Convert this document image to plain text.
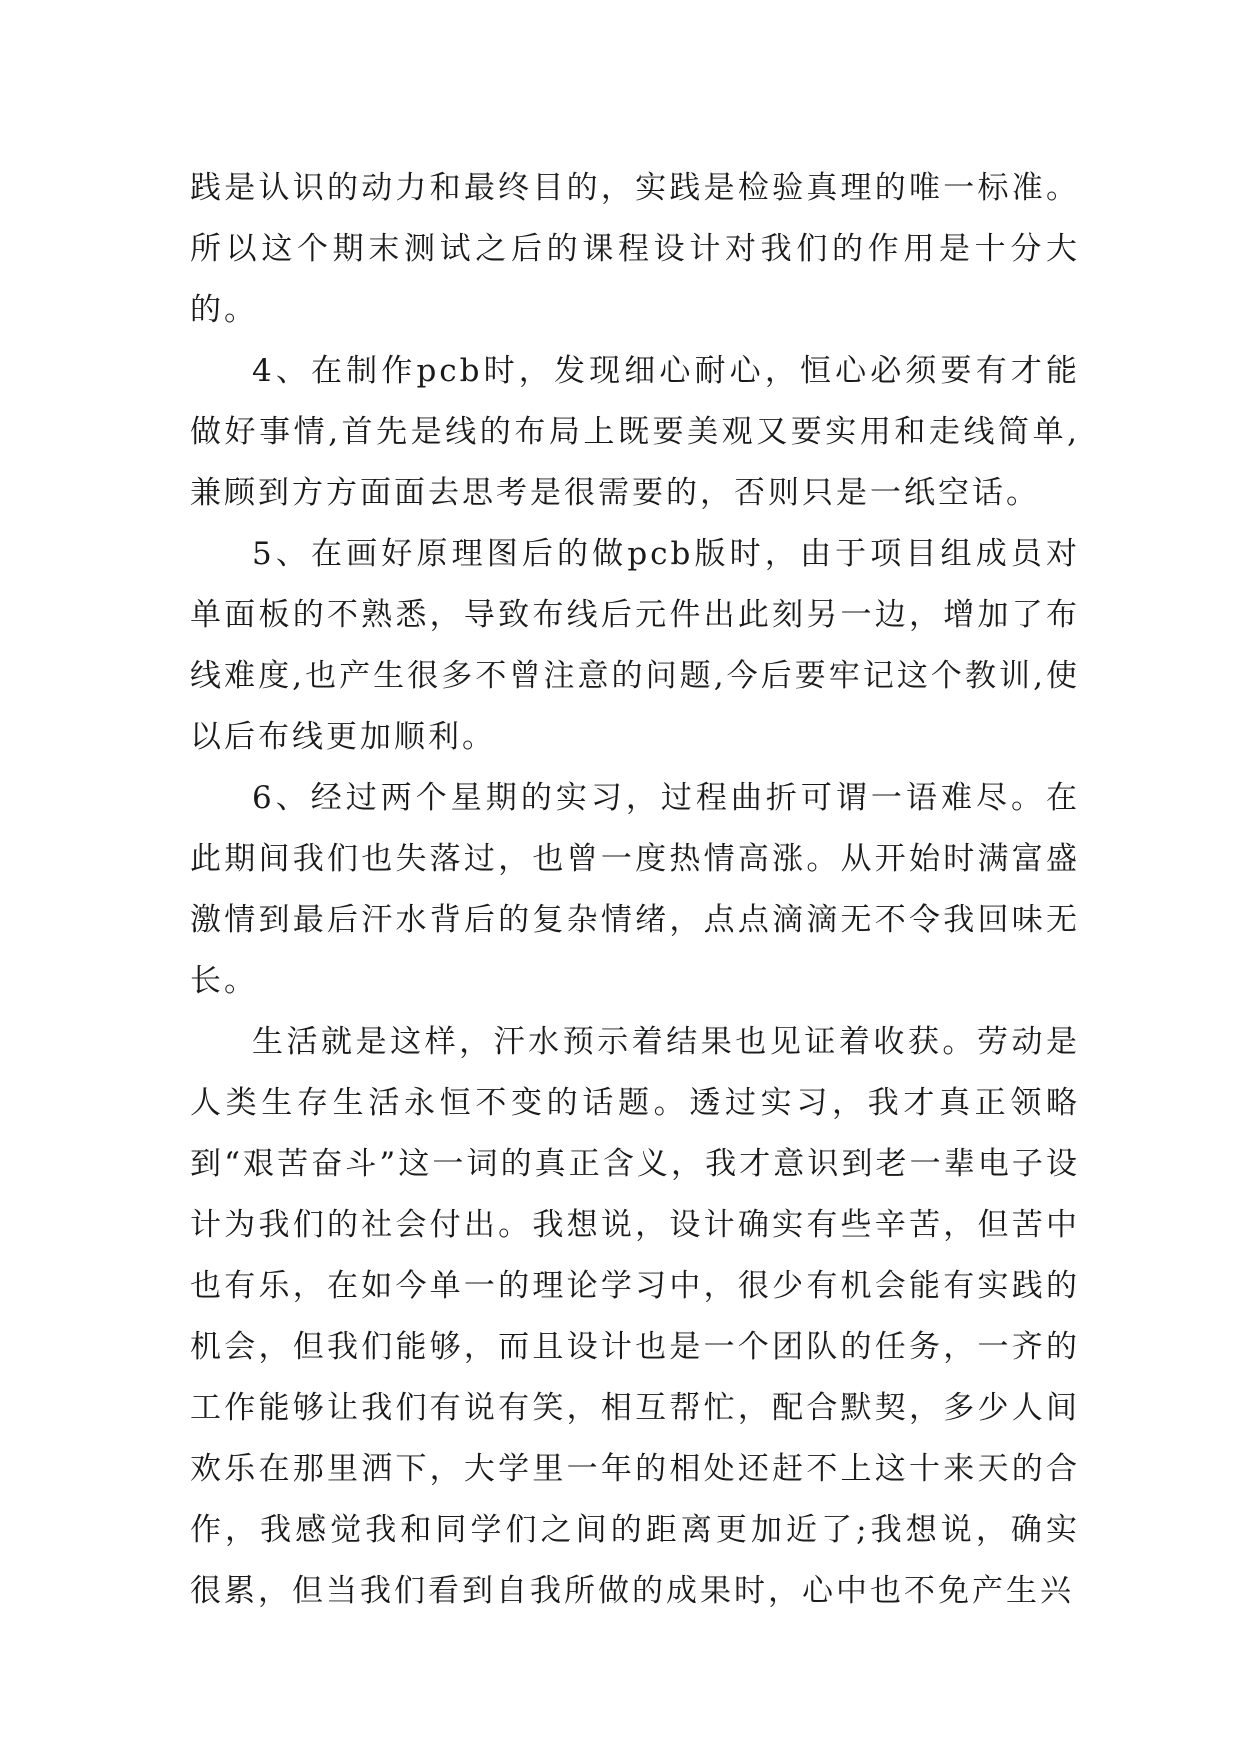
践是认识的动力和最终目的，实践是检验真理的唯一标准。所以这个期末测试之后的课程设计对我们的作用是十分大的。

4、在制作pcb时，发现细心耐心，恒心必须要有才能做好事情,首先是线的布局上既要美观又要实用和走线简单,兼顾到方方面面去思考是很需要的，否则只是一纸空话。

5、在画好原理图后的做pcb版时，由于项目组成员对单面板的不熟悉，导致布线后元件出此刻另一边，增加了布线难度,也产生很多不曾注意的问题,今后要牢记这个教训,使以后布线更加顺利。

6、经过两个星期的实习，过程曲折可谓一语难尽。在此期间我们也失落过，也曾一度热情高涨。从开始时满富盛激情到最后汗水背后的复杂情绪，点点滴滴无不令我回味无长。

生活就是这样，汗水预示着结果也见证着收获。劳动是人类生存生活永恒不变的话题。透过实习，我才真正领略到“艰苦奋斗”这一词的真正含义，我才意识到老一辈电子设计为我们的社会付出。我想说，设计确实有些辛苦，但苦中也有乐，在如今单一的理论学习中，很少有机会能有实践的机会，但我们能够，而且设计也是一个团队的任务，一齐的工作能够让我们有说有笑，相互帮忙，配合默契，多少人间欢乐在那里洒下，大学里一年的相处还赶不上这十来天的合作，我感觉我和同学们之间的距离更加近了;我想说，确实很累，但当我们看到自我所做的成果时，心中也不免产生兴
